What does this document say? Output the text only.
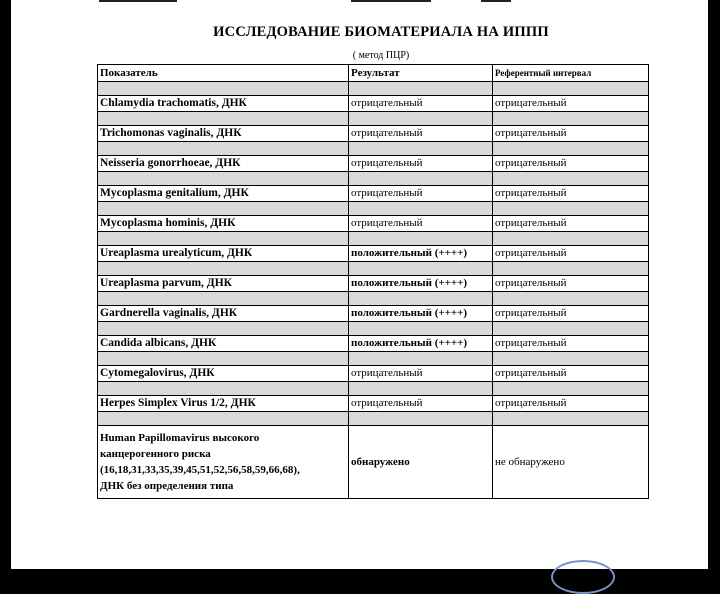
ИССЛЕДОВАНИЕ БИОМАТЕРИАЛА НА ИППП
( метод ПЦР)
Показатель	Результат	Референтный интервал

Chlamydia trachomatis, ДНК	отрицательный	отрицательный

Trichomonas vaginalis, ДНК	отрицательный	отрицательный

Neisseria gonorrhoeae, ДНК	отрицательный	отрицательный

Mycoplasma genitalium, ДНК	отрицательный	отрицательный

Mycoplasma hominis, ДНК	отрицательный	отрицательный

Ureaplasma urealyticum, ДНК	положительный (++++)	отрицательный

Ureaplasma parvum, ДНК	положительный (++++)	отрицательный

Gardnerella vaginalis, ДНК	положительный (++++)	отрицательный

Candida albicans, ДНК	положительный (++++)	отрицательный

Cytomegalovirus, ДНК	отрицательный	отрицательный

Herpes Simplex Virus 1/2, ДНК	отрицательный	отрицательный

Human Papillomavirus высокого
канцерогенного риска
(16,18,31,33,35,39,45,51,52,56,58,59,66,68),
ДНК без определения типа	обнаружено	не обнаружено
